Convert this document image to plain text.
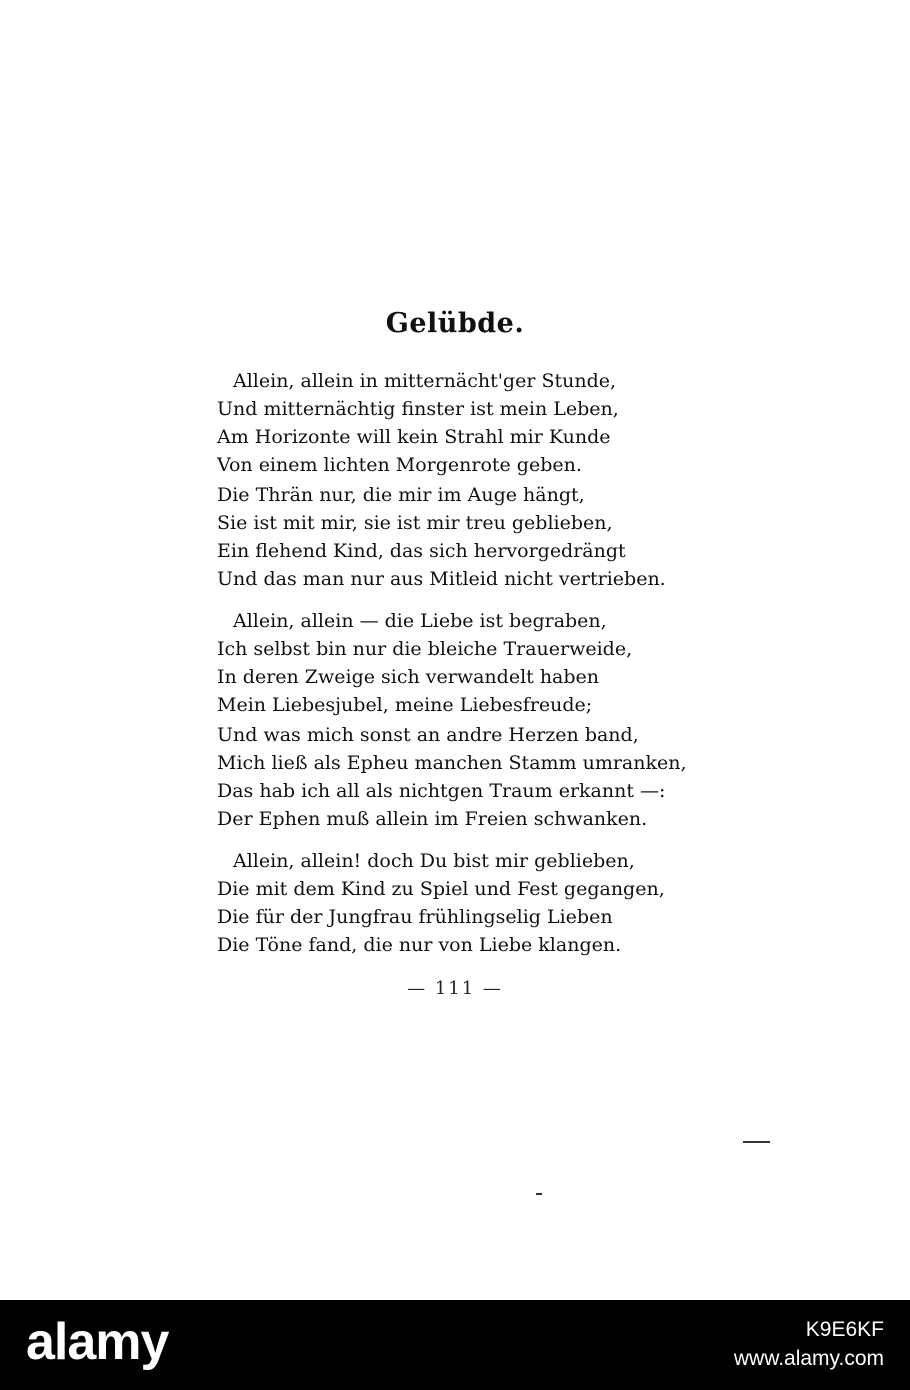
Gelübde.
Allein, allein in mitternächt'ger Stunde,
Und mitternächtig finster ist mein Leben,
Am Horizonte will kein Strahl mir Kunde
Von einem lichten Morgenrote geben.
Die Thrän nur, die mir im Auge hängt,
Sie ist mit mir, sie ist mir treu geblieben,
Ein flehend Kind, das sich hervorgedrängt
Und das man nur aus Mitleid nicht vertrieben.
Allein, allein — die Liebe ist begraben,
Ich selbst bin nur die bleiche Trauerweide,
In deren Zweige sich verwandelt haben
Mein Liebesjubel, meine Liebesfreude;
Und was mich sonst an andre Herzen band,
Mich ließ als Epheu manchen Stamm umranken,
Das hab ich all als nichtgen Traum erkannt —:
Der Ephen muß allein im Freien schwanken.
Allein, allein! doch Du bist mir geblieben,
Die mit dem Kind zu Spiel und Fest gegangen,
Die für der Jungfrau frühlingselig Lieben
Die Töne fand, die nur von Liebe klangen.
— 111 —
alamy	K9E6KF
www.alamy.com
